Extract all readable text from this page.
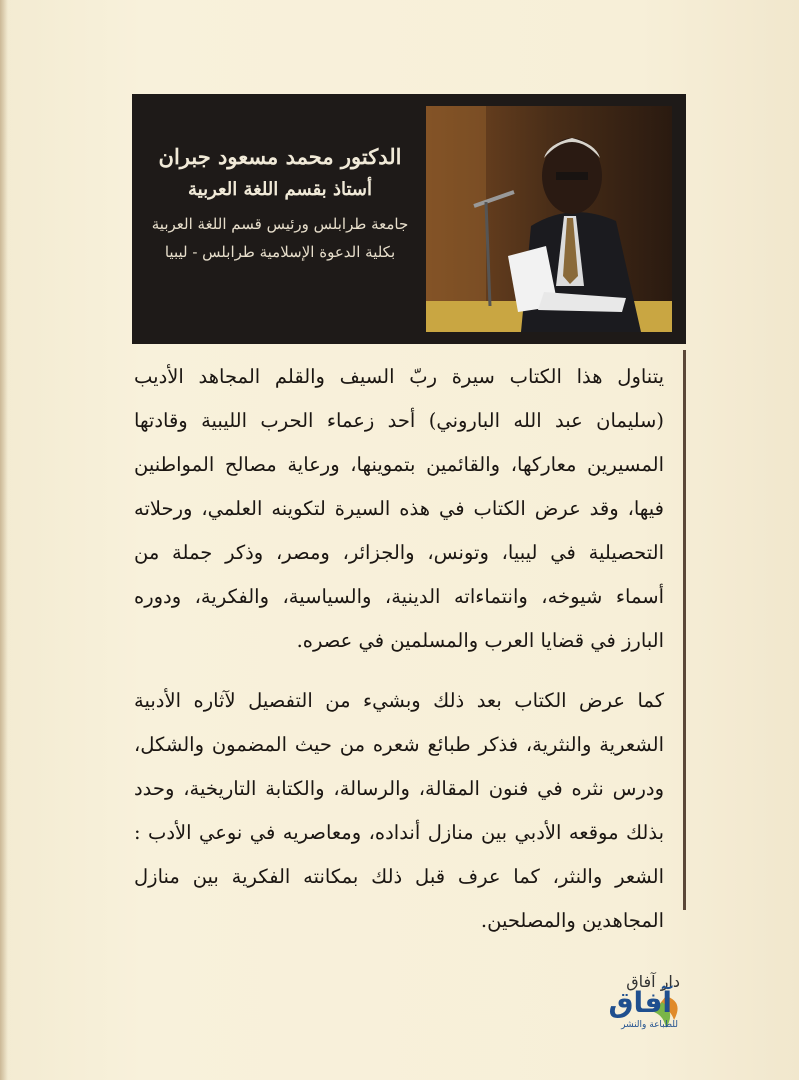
الدكتور محمد مسعود جبران

أستاذ بقسم اللغة العربية

جامعة طرابلس ورئيس قسم اللغة العربية

بكلية الدعوة الإسلامية طرابلس - ليبيا

يتناول هذا الكتاب سيرة ربّ السيف والقلم المجاهد الأديب (سليمان عبد الله الباروني) أحد زعماء الحرب الليبية وقادتها المسيرين معاركها، والقائمين بتموينها، ورعاية مصالح المواطنين فيها، وقد عرض الكتاب في هذه السيرة لتكوينه العلمي، ورحلاته التحصيلية في ليبيا، وتونس، والجزائر، ومصر، وذكر جملة من أسماء شيوخه، وانتماءاته الدينية، والسياسية، والفكرية، ودوره البارز في قضايا العرب والمسلمين في عصره.

كما عرض الكتاب بعد ذلك وبشيء من التفصيل لآثاره الأدبية الشعرية والنثرية، فذكر طبائع شعره من حيث المضمون والشكل، ودرس نثره في فنون المقالة، والرسالة، والكتابة التاريخية، وحدد بذلك موقعه الأدبي بين منازل أنداده، ومعاصريه في نوعي الأدب : الشعر والنثر، كما عرف قبل ذلك بمكانته الفكرية بين منازل المجاهدين والمصلحين.

دار آفاق
آفاق
للطباعة والنشر
